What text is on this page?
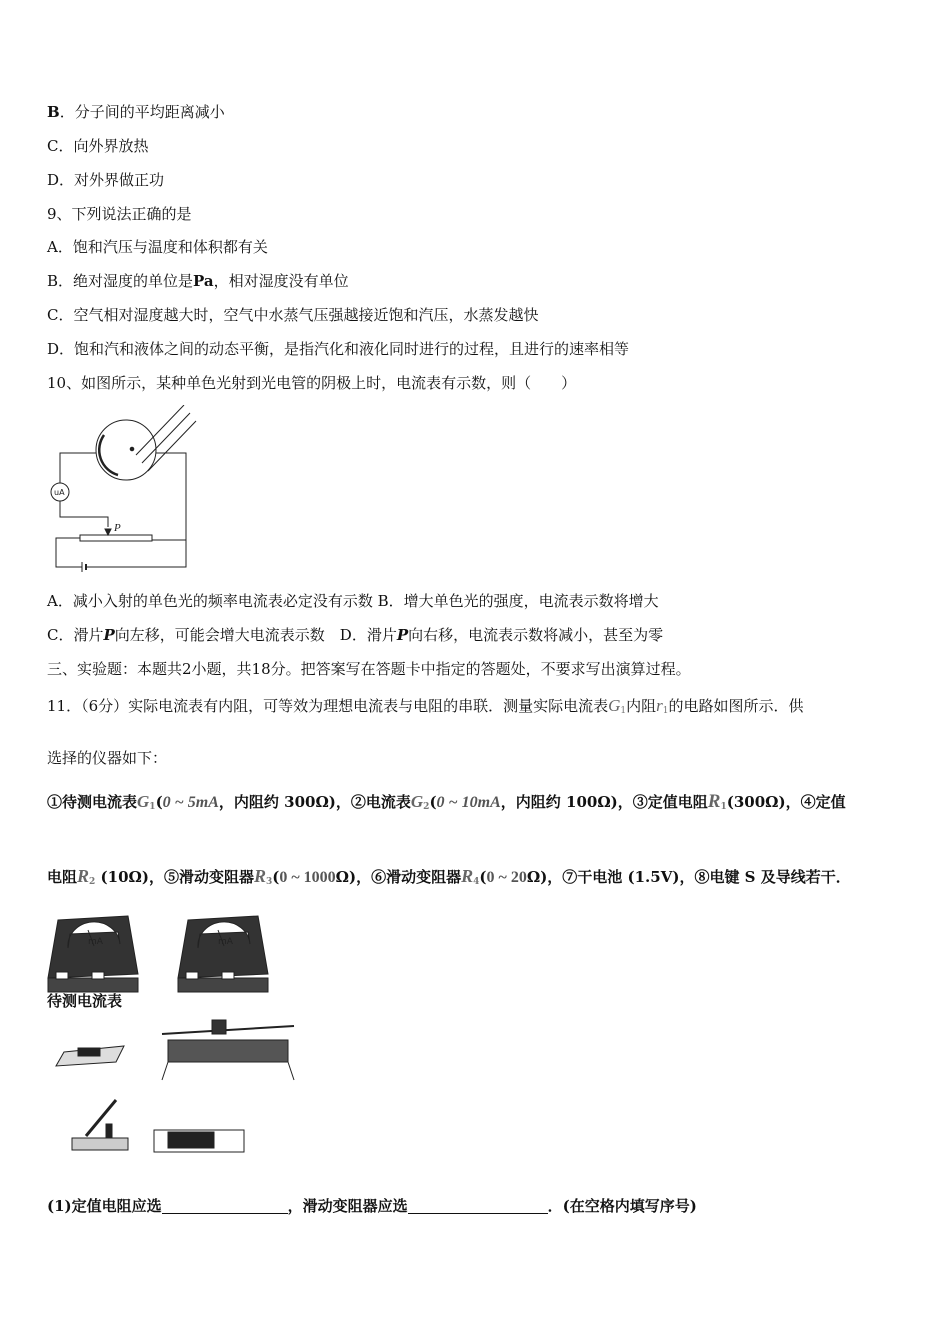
B．分子间的平均距离减小
C．向外界放热
D．对外界做正功
9、下列说法正确的是
A．饱和汽压与温度和体积都有关
B．绝对湿度的单位是Pa，相对湿度没有单位
C．空气相对湿度越大时，空气中水蒸气压强越接近饱和汽压，水蒸发越快
D．饱和汽和液体之间的动态平衡，是指汽化和液化同时进行的过程，且进行的速率相等
10、如图所示，某种单色光射到光电管的阴极上时，电流表有示数，则（　　）
uA
P
A．减小入射的单色光的频率电流表必定没有示数 B．增大单色光的强度，电流表示数将增大
C．滑片P向左移，可能会增大电流表示数　 D．滑片P向右移，电流表示数将减小，甚至为零
三、实验题：本题共2小题，共18分。把答案写在答题卡中指定的答题处，不要求写出演算过程。
11．（6分）实际电流表有内阻，可等效为理想电流表与电阻的串联．测量实际电流表$G_1$内阻$r_1$的电路如图所示．供
选择的仪器如下：
①待测电流表$G_1(0$ ~ 5mA，内阻约 300Ω)，②电流表$G_2(0$ ~ 10mA，内阻约 100Ω)，③定值电阻$R_1(300\Omega)$，④定值
电阻$R_2$ (10Ω)，⑤滑动变阻器$R_3(0$ ~ 1000Ω)，⑥滑动变阻器$R_4(0$ ~ 20Ω)，⑦干电池 (1.5V)，⑧电键 S 及导线若干．
mA	mA
待测电流表
(1)定值电阻应选	，滑动变阻器应选	．(在空格内填写序号)
